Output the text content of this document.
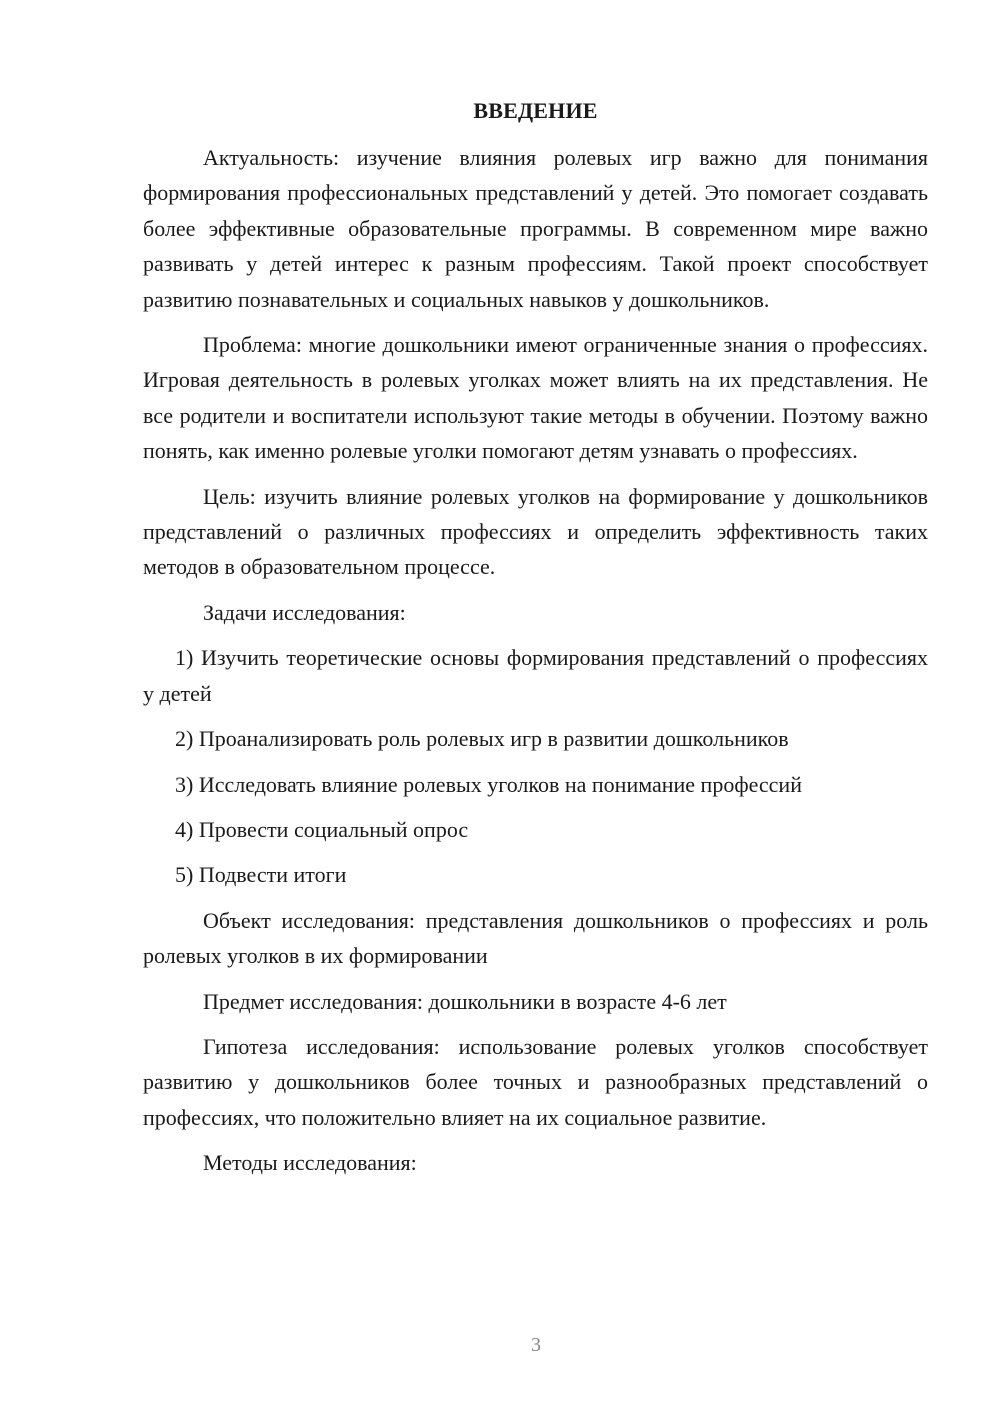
ВВЕДЕНИЕ

Актуальность: изучение влияния ролевых игр важно для понимания формирования профессиональных представлений у детей. Это помогает создавать более эффективные образовательные программы. В современном мире важно развивать у детей интерес к разным профессиям. Такой проект способствует развитию познавательных и социальных навыков у дошкольников.

Проблема: многие дошкольники имеют ограниченные знания о профессиях. Игровая деятельность в ролевых уголках может влиять на их представления. Не все родители и воспитатели используют такие методы в обучении. Поэтому важно понять, как именно ролевые уголки помогают детям узнавать о профессиях.

Цель: изучить влияние ролевых уголков на формирование у дошкольников представлений о различных профессиях и определить эффективность таких методов в образовательном процессе.

Задачи исследования:

1) Изучить теоретические основы формирования представлений о профессиях у детей

2) Проанализировать роль ролевых игр в развитии дошкольников

3) Исследовать влияние ролевых уголков на понимание профессий

4) Провести социальный опрос

5) Подвести итоги

Объект исследования: представления дошкольников о профессиях и роль ролевых уголков в их формировании

Предмет исследования: дошкольники в возрасте 4-6 лет

Гипотеза исследования: использование ролевых уголков способствует развитию у дошкольников более точных и разнообразных представлений о профессиях, что положительно влияет на их социальное развитие.

Методы исследования:

3
